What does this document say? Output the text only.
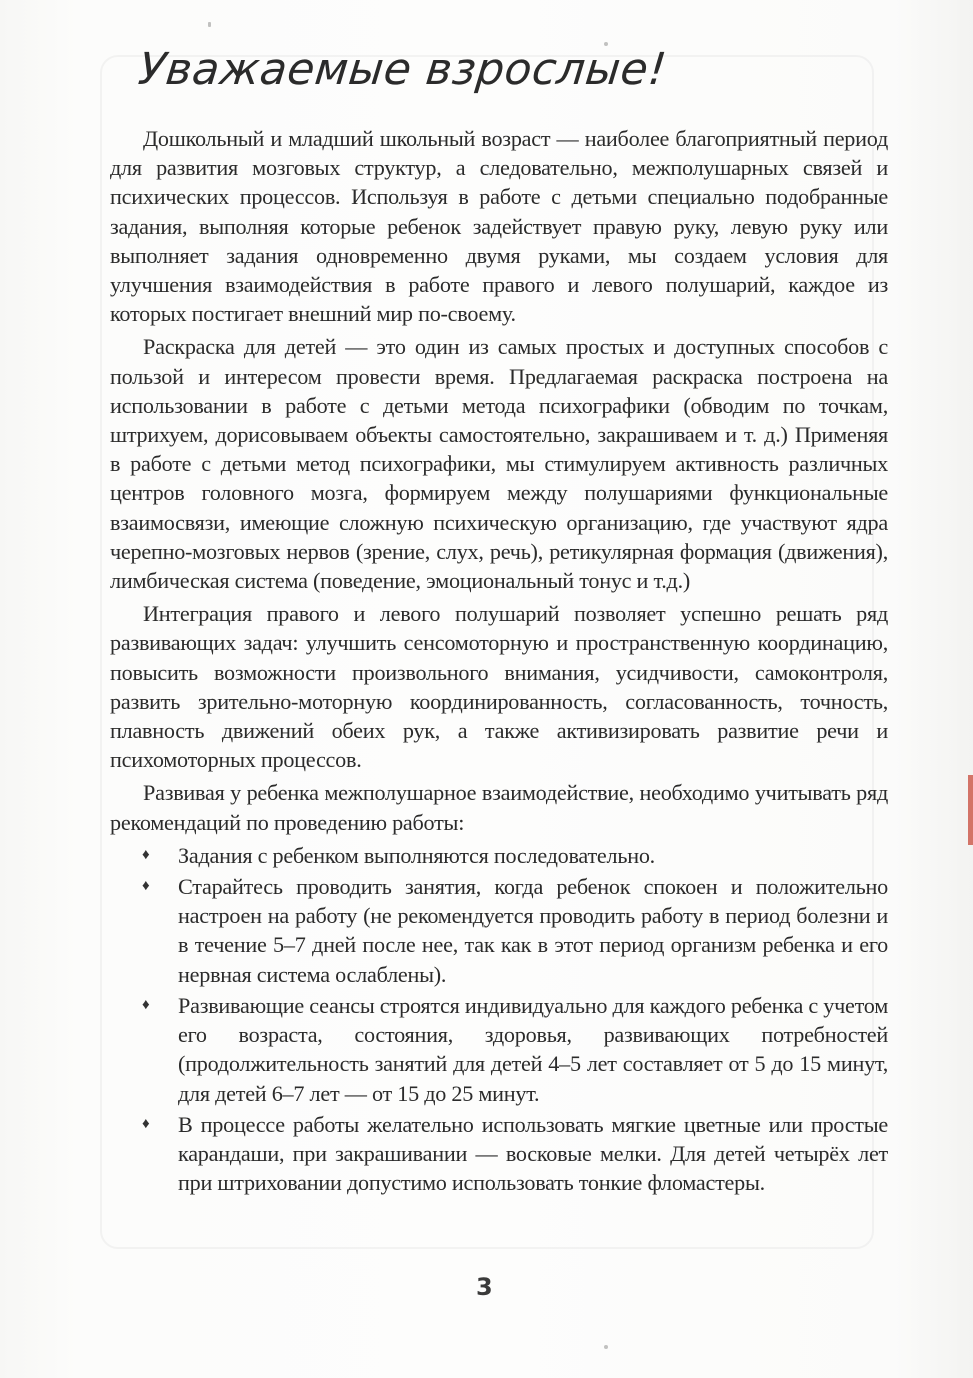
Уважаемые взрослые!

Дошкольный и младший школьный возраст — наиболее благоприятный период для развития мозговых структур, а следовательно, межполушарных связей и психических процессов. Используя в работе с детьми специально подобранные задания, выполняя которые ребенок задействует правую руку, левую руку или выполняет задания одновременно двумя руками, мы создаем условия для улучшения взаимодействия в работе правого и левого полушарий, каждое из которых постигает внешний мир по-своему.

Раскраска для детей — это один из самых простых и доступных способов с пользой и интересом провести время. Предлагаемая раскраска построена на использовании в работе с детьми метода психографики (обводим по точкам, штрихуем, дорисовываем объекты самостоятельно, закрашиваем и т. д.) Применяя в работе с детьми метод психографики, мы стимулируем активность различных центров головного мозга, формируем между полушариями функциональные взаимосвязи, имеющие сложную психическую организацию, где участвуют ядра черепно-мозговых нервов (зрение, слух, речь), ретикулярная формация (движения), лимбическая система (поведение, эмоциональный тонус и т.д.)

Интеграция правого и левого полушарий позволяет успешно решать ряд развивающих задач: улучшить сенсомоторную и пространственную координацию, повысить возможности произвольного внимания, усидчивости, самоконтроля, развить зрительно-моторную координированность, согласованность, точность, плавность движений обеих рук, а также активизировать развитие речи и психомоторных процессов.

Развивая у ребенка межполушарное взаимодействие, необходимо учитывать ряд рекомендаций по проведению работы:

♦ Задания с ребенком выполняются последовательно.
♦ Старайтесь проводить занятия, когда ребенок спокоен и положительно настроен на работу (не рекомендуется проводить работу в период болезни и в течение 5–7 дней после нее, так как в этот период организм ребенка и его нервная система ослаблены).
♦ Развивающие сеансы строятся индивидуально для каждого ребенка с учетом его возраста, состояния, здоровья, развивающих потребностей (продолжительность занятий для детей 4–5 лет составляет от 5 до 15 минут, для детей 6–7 лет — от 15 до 25 минут.
♦ В процессе работы желательно использовать мягкие цветные или простые карандаши, при закрашивании — восковые мелки. Для детей четырёх лет при штриховании допустимо использовать тонкие фломастеры.
3
